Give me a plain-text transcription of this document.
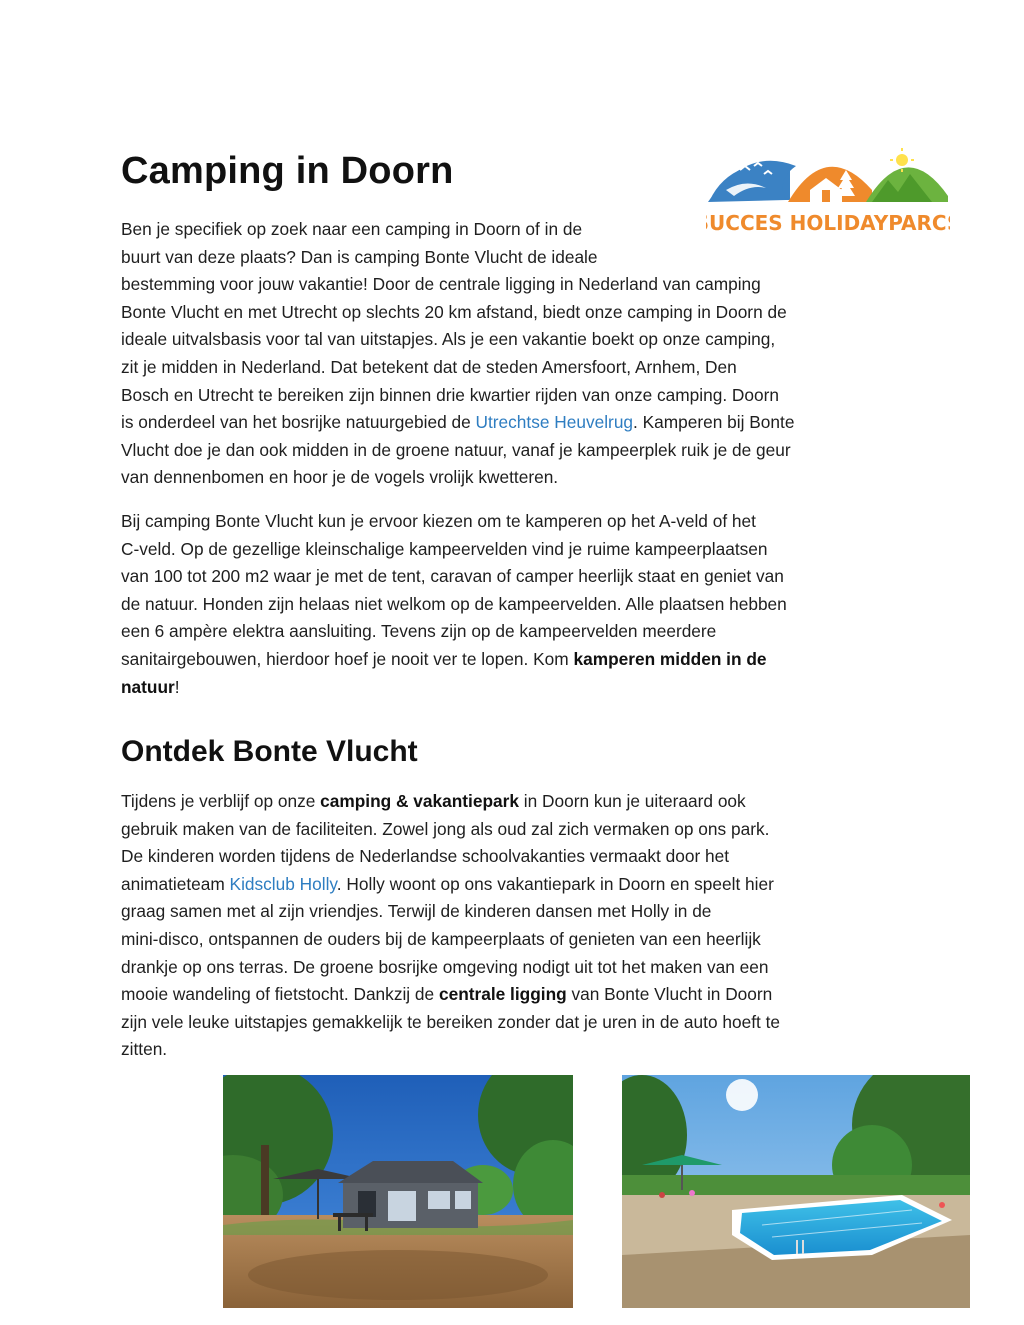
Camping in Doorn
SUCCES HOLIDAYPARCS
Ben je specifiek op zoek naar een camping in Doorn of in de
buurt van deze plaats? Dan is camping Bonte Vlucht de ideale
bestemming voor jouw vakantie! Door de centrale ligging in Nederland van camping
Bonte Vlucht en met Utrecht op slechts 20 km afstand, biedt onze camping in Doorn de
ideale uitvalsbasis voor tal van uitstapjes. Als je een vakantie boekt op onze camping,
zit je midden in Nederland. Dat betekent dat de steden Amersfoort, Arnhem, Den
Bosch en Utrecht te bereiken zijn binnen drie kwartier rijden van onze camping. Doorn
is onderdeel van het bosrijke natuurgebied de Utrechtse Heuvelrug. Kamperen bij Bonte
Vlucht doe je dan ook midden in de groene natuur, vanaf je kampeerplek ruik je de geur
van dennenbomen en hoor je de vogels vrolijk kwetteren.
Bij camping Bonte Vlucht kun je ervoor kiezen om te kamperen op het A-veld of het
C-veld. Op de gezellige kleinschalige kampeervelden vind je ruime kampeerplaatsen
van 100 tot 200 m2 waar je met de tent, caravan of camper heerlijk staat en geniet van
de natuur. Honden zijn helaas niet welkom op de kampeervelden. Alle plaatsen hebben
een 6 ampère elektra aansluiting. Tevens zijn op de kampeervelden meerdere
sanitairgebouwen, hierdoor hoef je nooit ver te lopen. Kom kamperen midden in de
natuur!
Ontdek Bonte Vlucht
Tijdens je verblijf op onze camping & vakantiepark in Doorn kun je uiteraard ook
gebruik maken van de faciliteiten. Zowel jong als oud zal zich vermaken op ons park.
De kinderen worden tijdens de Nederlandse schoolvakanties vermaakt door het
animatieteam Kidsclub Holly. Holly woont op ons vakantiepark in Doorn en speelt hier
graag samen met al zijn vriendjes. Terwijl de kinderen dansen met Holly in de
mini-disco, ontspannen de ouders bij de kampeerplaats of genieten van een heerlijk
drankje op ons terras. De groene bosrijke omgeving nodigt uit tot het maken van een
mooie wandeling of fietstocht. Dankzij de centrale ligging van Bonte Vlucht in Doorn
zijn vele leuke uitstapjes gemakkelijk te bereiken zonder dat je uren in de auto hoeft te
zitten.
